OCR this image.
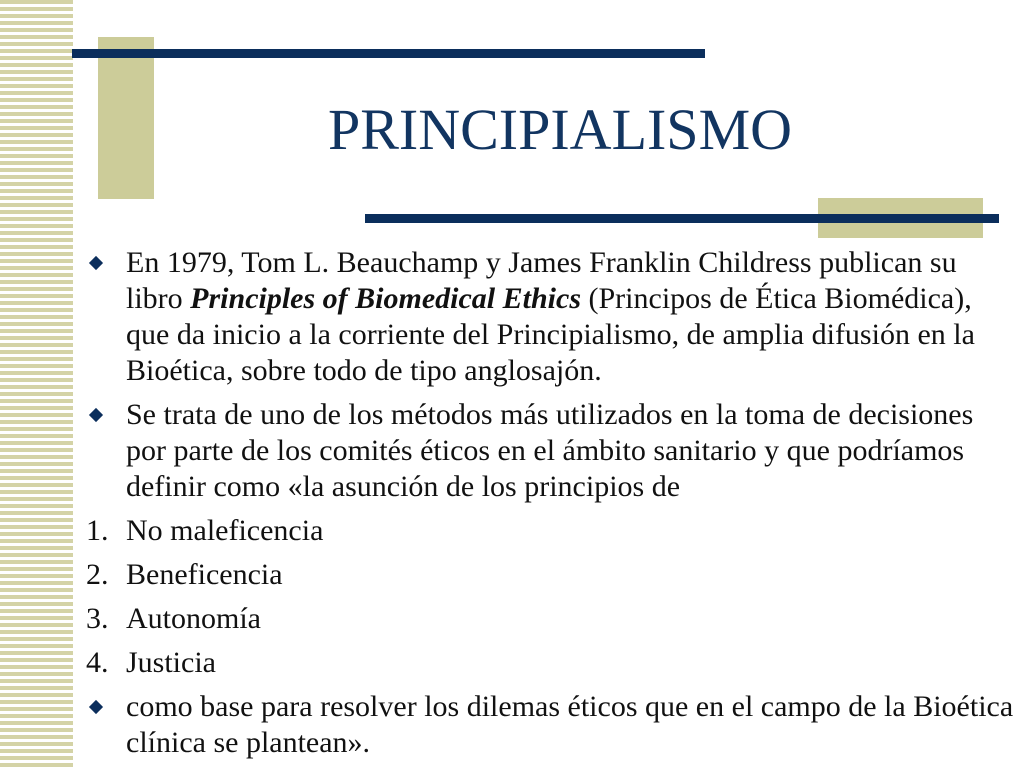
PRINCIPIALISMO
En 1979, Tom L. Beauchamp y James Franklin Childress publican su libro Principles of Biomedical Ethics (Principos de Ética Biomédica), que da inicio a la corriente del Principialismo, de amplia difusión en la Bioética, sobre todo de tipo anglosajón.
Se trata de uno de los métodos más utilizados en la toma de decisiones por parte de los comités éticos en el ámbito sanitario y que podríamos definir como «la asunción de los principios de
1. No maleficencia
2. Beneficencia
3. Autonomía
4. Justicia
como base para resolver los dilemas éticos que en el campo de la Bioética clínica se plantean».
